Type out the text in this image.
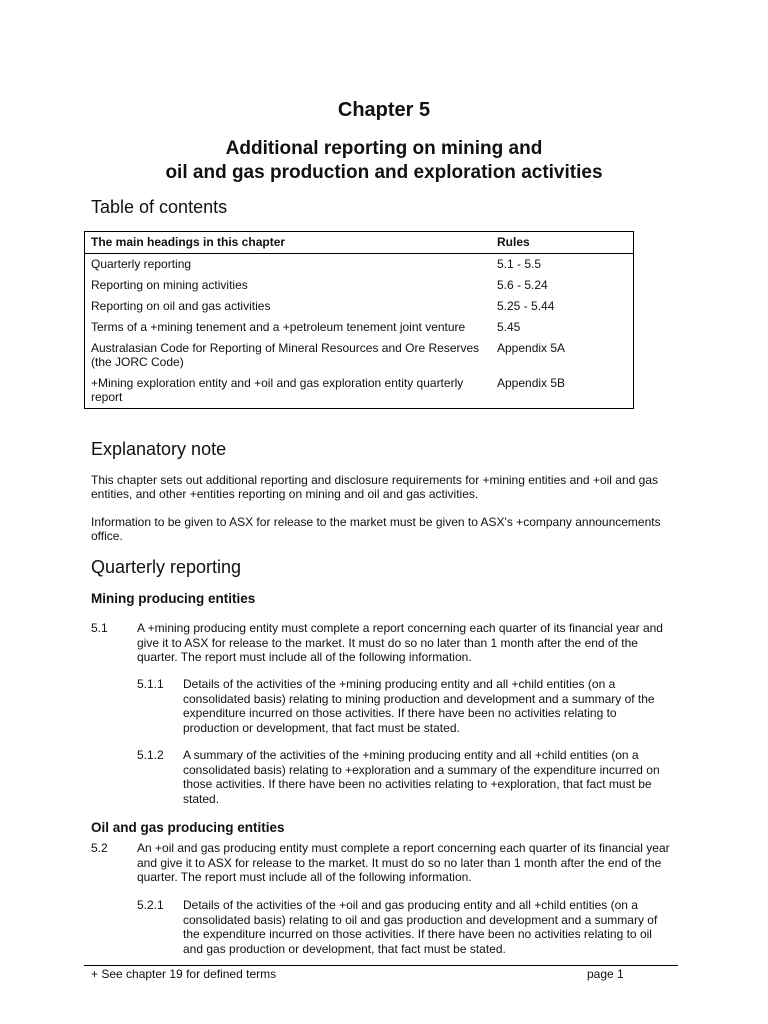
Chapter 5
Additional reporting on mining and
oil and gas production and exploration activities
Table of contents
The main headings in this chapter	Rules
Quarterly reporting	5.1 - 5.5
Reporting on mining activities	5.6 - 5.24
Reporting on oil and gas activities	5.25 - 5.44
Terms of a +mining tenement and a +petroleum tenement joint venture	5.45
Australasian Code for Reporting of Mineral Resources and Ore Reserves (the JORC Code)	Appendix 5A
+Mining exploration entity and +oil and gas exploration entity quarterly report	Appendix 5B
Explanatory note
This chapter sets out additional reporting and disclosure requirements for +mining entities and +oil and gas entities, and other +entities reporting on mining and oil and gas activities.
Information to be given to ASX for release to the market must be given to ASX's +company announcements office.
Quarterly reporting
Mining producing entities
5.1 A +mining producing entity must complete a report concerning each quarter of its financial year and give it to ASX for release to the market. It must do so no later than 1 month after the end of the quarter. The report must include all of the following information.
5.1.1 Details of the activities of the +mining producing entity and all +child entities (on a consolidated basis) relating to mining production and development and a summary of the expenditure incurred on those activities. If there have been no activities relating to production or development, that fact must be stated.
5.1.2 A summary of the activities of the +mining producing entity and all +child entities (on a consolidated basis) relating to +exploration and a summary of the expenditure incurred on those activities. If there have been no activities relating to +exploration, that fact must be stated.
Oil and gas producing entities
5.2 An +oil and gas producing entity must complete a report concerning each quarter of its financial year and give it to ASX for release to the market. It must do so no later than 1 month after the end of the quarter. The report must include all of the following information.
5.2.1 Details of the activities of the +oil and gas producing entity and all +child entities (on a consolidated basis) relating to oil and gas production and development and a summary of the expenditure incurred on those activities. If there have been no activities relating to oil and gas production or development, that fact must be stated.
+ See chapter 19 for defined terms	page 1
